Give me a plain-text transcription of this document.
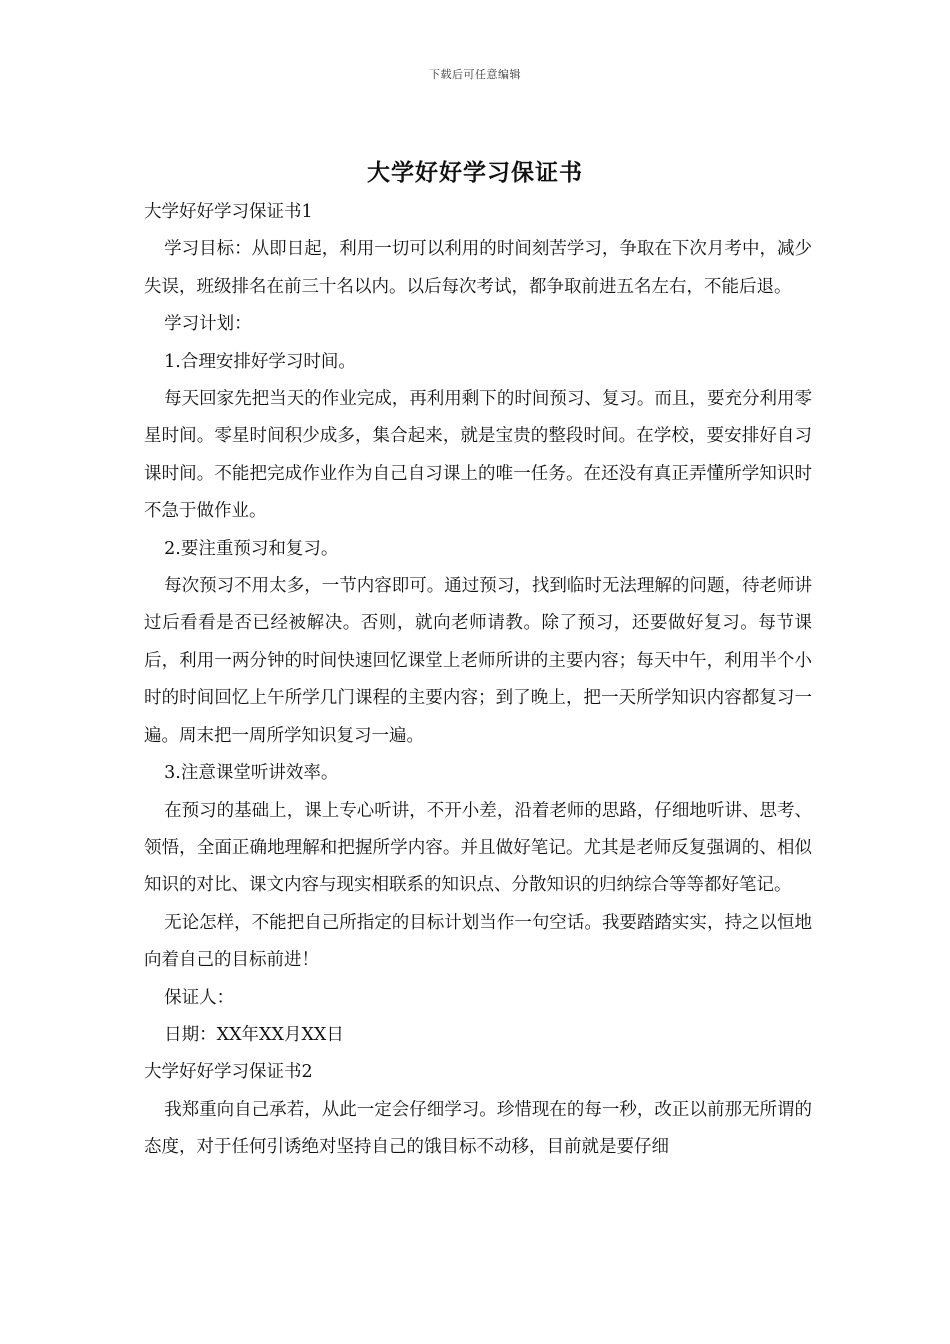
下载后可任意编辑
大学好好学习保证书

大学好好学习保证书1

学习目标：从即日起，利用一切可以利用的时间刻苦学习，争取在下次月考中，减少失误，班级排名在前三十名以内。以后每次考试，都争取前进五名左右，不能后退。

学习计划：

1.合理安排好学习时间。

每天回家先把当天的作业完成，再利用剩下的时间预习、复习。而且，要充分利用零星时间。零星时间积少成多，集合起来，就是宝贵的整段时间。在学校，要安排好自习课时间。不能把完成作业作为自己自习课上的唯一任务。在还没有真正弄懂所学知识时不急于做作业。

2.要注重预习和复习。

每次预习不用太多，一节内容即可。通过预习，找到临时无法理解的问题，待老师讲过后看看是否已经被解决。否则，就向老师请教。除了预习，还要做好复习。每节课后，利用一两分钟的时间快速回忆课堂上老师所讲的主要内容；每天中午，利用半个小时的时间回忆上午所学几门课程的主要内容；到了晚上，把一天所学知识内容都复习一遍。周末把一周所学知识复习一遍。

3.注意课堂听讲效率。

在预习的基础上，课上专心听讲，不开小差，沿着老师的思路，仔细地听讲、思考、领悟，全面正确地理解和把握所学内容。并且做好笔记。尤其是老师反复强调的、相似知识的对比、课文内容与现实相联系的知识点、分散知识的归纳综合等等都好笔记。

无论怎样，不能把自己所指定的目标计划当作一句空话。我要踏踏实实，持之以恒地向着自己的目标前进！

保证人：

日期：XX年XX月XX日

大学好好学习保证书2

我郑重向自己承若，从此一定会仔细学习。珍惜现在的每一秒，改正以前那无所谓的态度，对于任何引诱绝对坚持自己的饿目标不动移，目前就是要仔细
